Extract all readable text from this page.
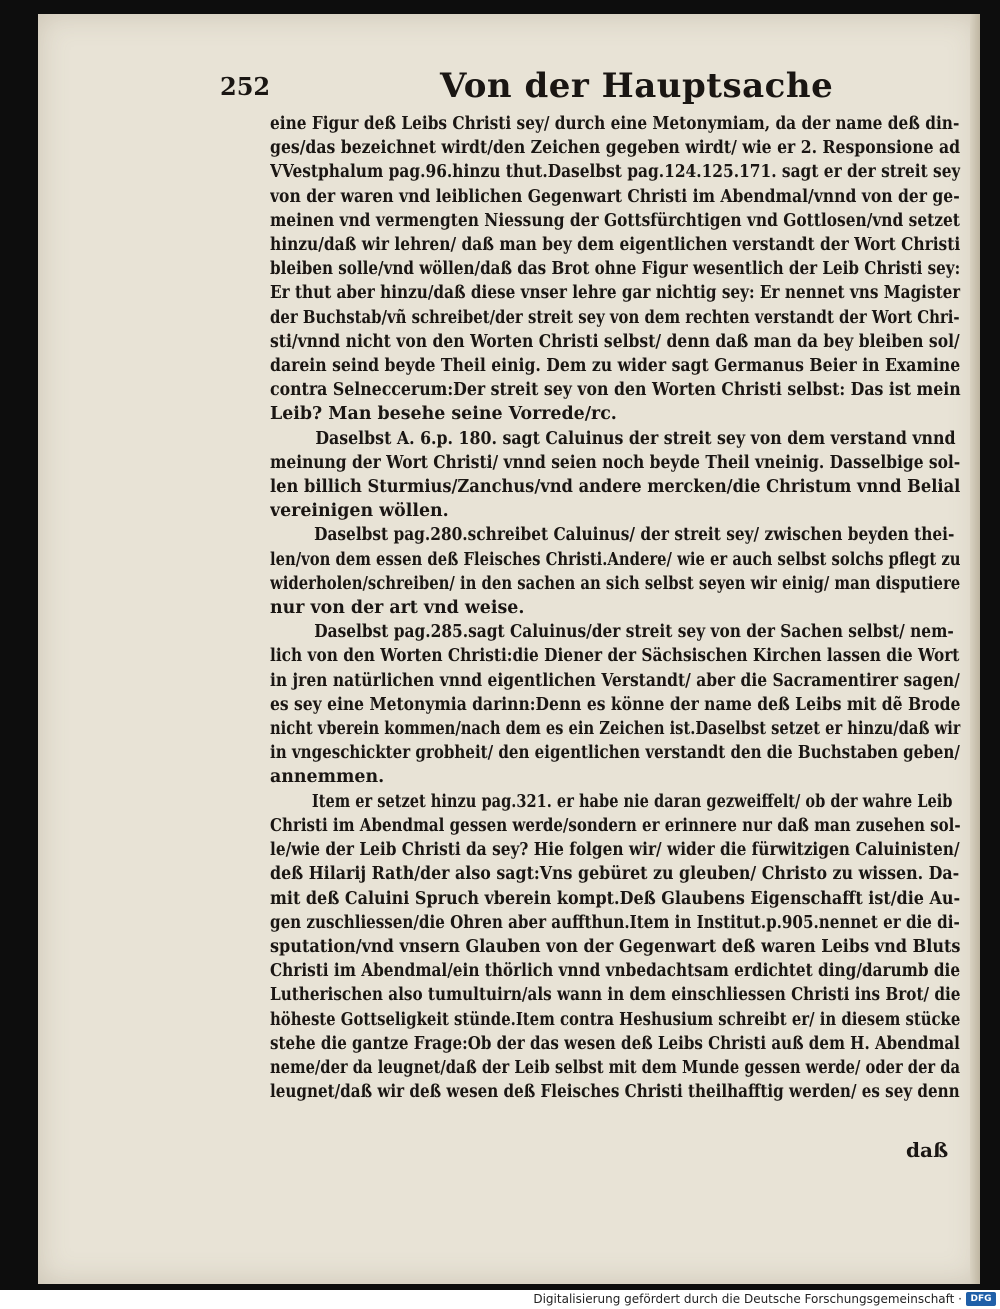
252	Von der Hauptsache
eine Figur deß Leibs Christi sey/ durch eine Metonymiam, da der name deß din-
ges/das bezeichnet wirdt/den Zeichen gegeben wirdt/ wie er 2. Responsione ad
VVestphalum pag.96.hinzu thut.Daselbst pag.124.125.171. sagt er der streit sey
von der waren vnd leiblichen Gegenwart Christi im Abendmal/vnnd von der ge-
meinen vnd vermengten Niessung der Gottsfürchtigen vnd Gottlosen/vnd setzet
hinzu/daß wir lehren/ daß man bey dem eigentlichen verstandt der Wort Christi
bleiben solle/vnd wöllen/daß das Brot ohne Figur wesentlich der Leib Christi sey:
Er thut aber hinzu/daß diese vnser lehre gar nichtig sey: Er nennet vns Magister
der Buchstab/vñ schreibet/der streit sey von dem rechten verstandt der Wort Chri-
sti/vnnd nicht von den Worten Christi selbst/ denn daß man da bey bleiben sol/
darein seind beyde Theil einig. Dem zu wider sagt Germanus Beier in Examine
contra Selneccerum:Der streit sey von den Worten Christi selbst: Das ist mein
Leib? Man besehe seine Vorrede/rc.
Daselbst A. 6.p. 180. sagt Caluinus der streit sey von dem verstand vnnd
meinung der Wort Christi/ vnnd seien noch beyde Theil vneinig. Dasselbige sol-
len billich Sturmius/Zanchus/vnd andere mercken/die Christum vnnd Belial
vereinigen wöllen.
Daselbst pag.280.schreibet Caluinus/ der streit sey/ zwischen beyden thei-
len/von dem essen deß Fleisches Christi.Andere/ wie er auch selbst solchs pflegt zu
widerholen/schreiben/ in den sachen an sich selbst seyen wir einig/ man disputiere
nur von der art vnd weise.
Daselbst pag.285.sagt Caluinus/der streit sey von der Sachen selbst/ nem-
lich von den Worten Christi:die Diener der Sächsischen Kirchen lassen die Wort
in jren natürlichen vnnd eigentlichen Verstandt/ aber die Sacramentirer sagen/
es sey eine Metonymia darinn:Denn es könne der name deß Leibs mit dẽ Brode
nicht vberein kommen/nach dem es ein Zeichen ist.Daselbst setzet er hinzu/daß wir
in vngeschickter grobheit/ den eigentlichen verstandt den die Buchstaben geben/
annemmen.
Item er setzet hinzu pag.321. er habe nie daran gezweiffelt/ ob der wahre Leib
Christi im Abendmal gessen werde/sondern er erinnere nur daß man zusehen sol-
le/wie der Leib Christi da sey? Hie folgen wir/ wider die fürwitzigen Caluinisten/
deß Hilarij Rath/der also sagt:Vns gebüret zu gleuben/ Christo zu wissen. Da-
mit deß Caluini Spruch vberein kompt.Deß Glaubens Eigenschafft ist/die Au-
gen zuschliessen/die Ohren aber auffthun.Item in Institut.p.905.nennet er die di-
sputation/vnd vnsern Glauben von der Gegenwart deß waren Leibs vnd Bluts
Christi im Abendmal/ein thörlich vnnd vnbedachtsam erdichtet ding/darumb die
Lutherischen also tumultuirn/als wann in dem einschliessen Christi ins Brot/ die
höheste Gottseligkeit stünde.Item contra Heshusium schreibt er/ in diesem stücke
stehe die gantze Frage:Ob der das wesen deß Leibs Christi auß dem H. Abendmal
neme/der da leugnet/daß der Leib selbst mit dem Munde gessen werde/ oder der da
leugnet/daß wir deß wesen deß Fleisches Christi theilhafftig werden/ es sey denn
daß
Digitalisierung gefördert durch die Deutsche Forschungsgemeinschaft · DFG
